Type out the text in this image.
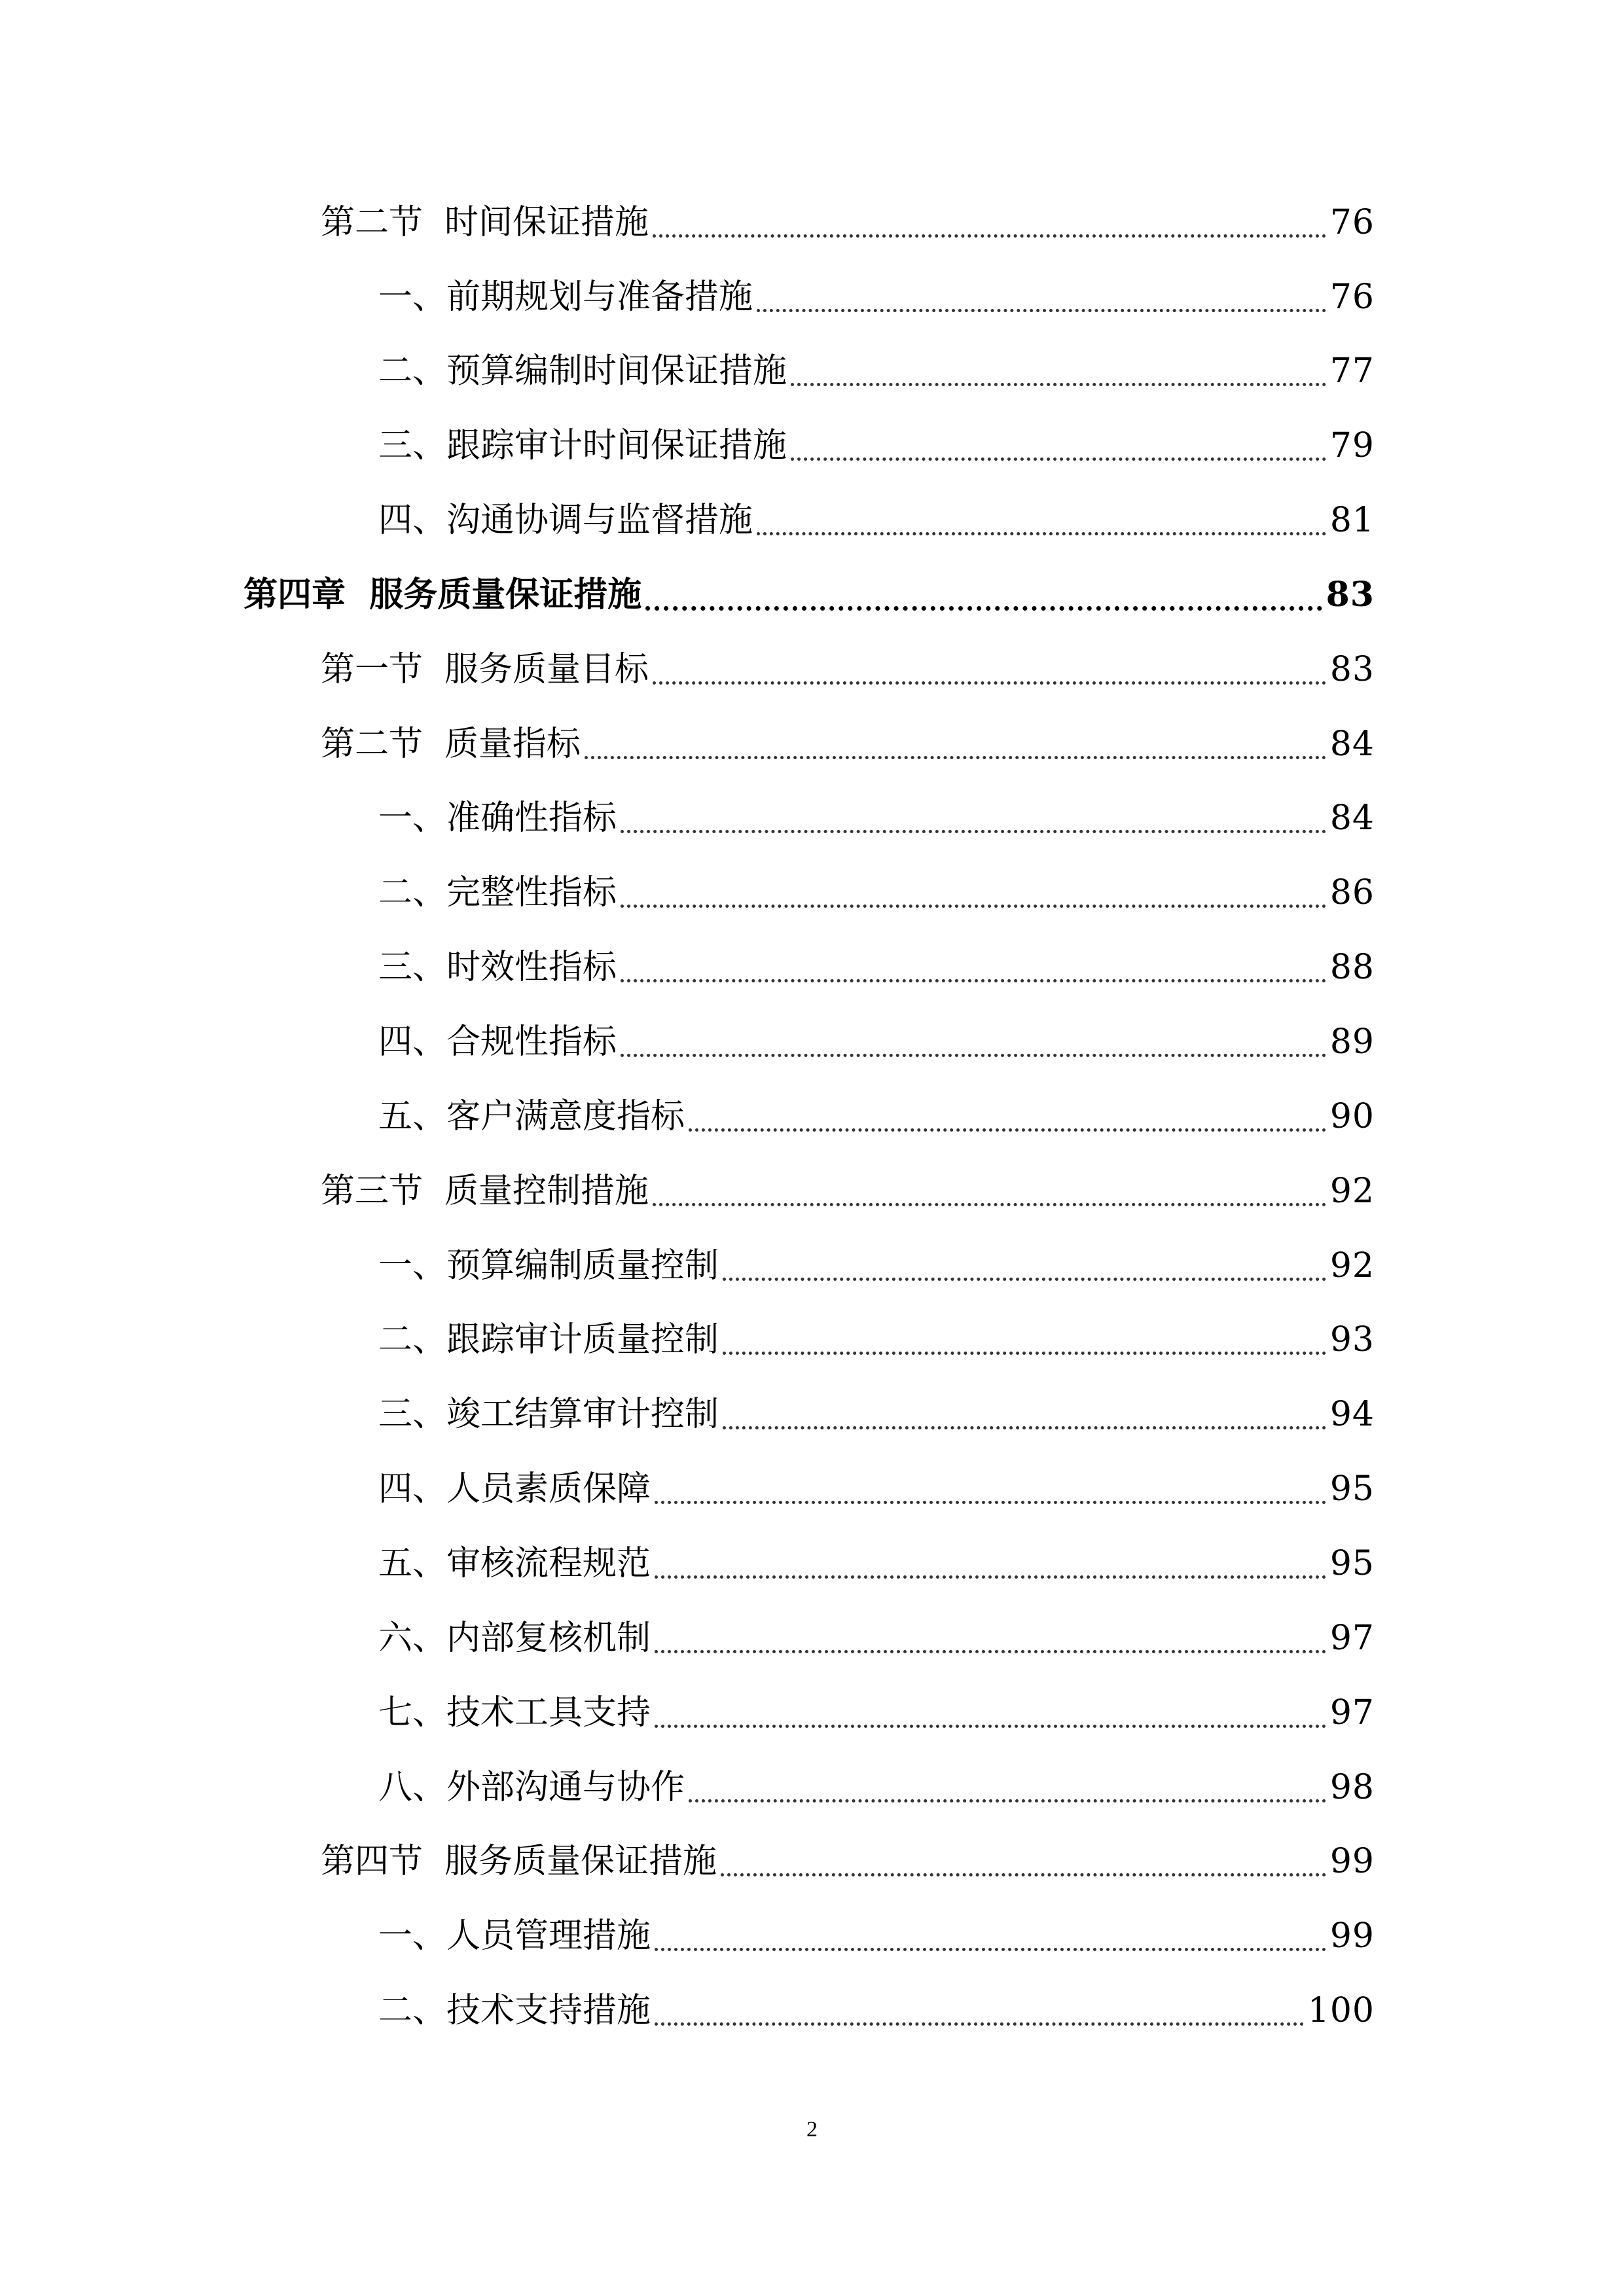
第二节  时间保证措施	76
一、前期规划与准备措施	76
二、预算编制时间保证措施	77
三、跟踪审计时间保证措施	79
四、沟通协调与监督措施	81
第四章  服务质量保证措施	83
第一节  服务质量目标	83
第二节  质量指标	84
一、准确性指标	84
二、完整性指标	86
三、时效性指标	88
四、合规性指标	89
五、客户满意度指标	90
第三节  质量控制措施	92
一、预算编制质量控制	92
二、跟踪审计质量控制	93
三、竣工结算审计控制	94
四、人员素质保障	95
五、审核流程规范	95
六、内部复核机制	97
七、技术工具支持	97
八、外部沟通与协作	98
第四节  服务质量保证措施	99
一、人员管理措施	99
二、技术支持措施	100
2
